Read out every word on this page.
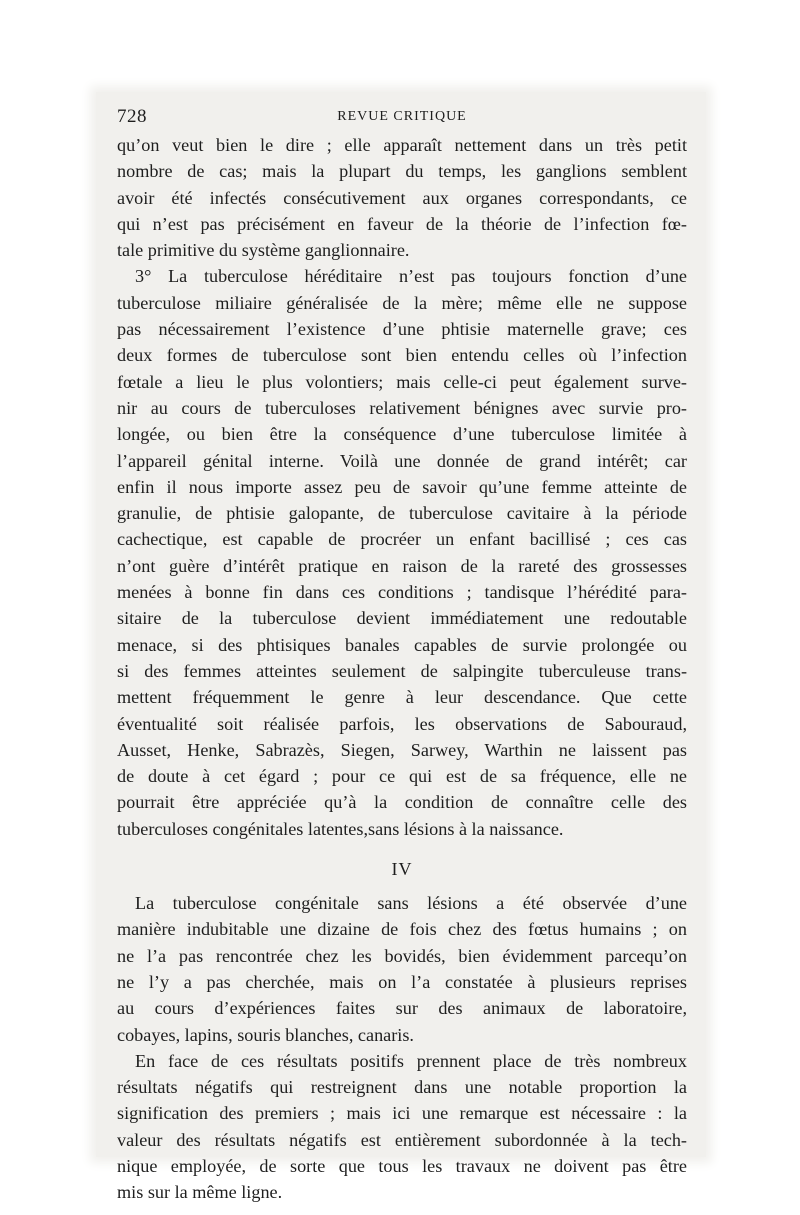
728	REVUE CRITIQUE
qu’on veut bien le dire ; elle apparaît nettement dans un très petit
nombre de cas; mais la plupart du temps, les ganglions semblent
avoir été infectés consécutivement aux organes correspondants, ce
qui n’est pas précisément en faveur de la théorie de l’infection fœ-
tale primitive du système ganglionnaire.
3° La tuberculose héréditaire n’est pas toujours fonction d’une
tuberculose miliaire généralisée de la mère; même elle ne suppose
pas nécessairement l’existence d’une phtisie maternelle grave; ces
deux formes de tuberculose sont bien entendu celles où l’infection
fœtale a lieu le plus volontiers; mais celle-ci peut également surve-
nir au cours de tuberculoses relativement bénignes avec survie pro-
longée, ou bien être la conséquence d’une tuberculose limitée à
l’appareil génital interne. Voilà une donnée de grand intérêt; car
enfin il nous importe assez peu de savoir qu’une femme atteinte de
granulie, de phtisie galopante, de tuberculose cavitaire à la période
cachectique, est capable de procréer un enfant bacillisé ; ces cas
n’ont guère d’intérêt pratique en raison de la rareté des grossesses
menées à bonne fin dans ces conditions ; tandisque l’hérédité para-
sitaire de la tuberculose devient immédiatement une redoutable
menace, si des phtisiques banales capables de survie prolongée ou
si des femmes atteintes seulement de salpingite tuberculeuse trans-
mettent fréquemment le genre à leur descendance. Que cette
éventualité soit réalisée parfois, les observations de Sabouraud,
Ausset, Henke, Sabrazès, Siegen, Sarwey, Warthin ne laissent pas
de doute à cet égard ; pour ce qui est de sa fréquence, elle ne
pourrait être appréciée qu’à la condition de connaître celle des
tuberculoses congénitales latentes,sans lésions à la naissance.
IV
La tuberculose congénitale sans lésions a été observée d’une
manière indubitable une dizaine de fois chez des fœtus humains ; on
ne l’a pas rencontrée chez les bovidés, bien évidemment parcequ’on
ne l’y a pas cherchée, mais on l’a constatée à plusieurs reprises
au cours d’expériences faites sur des animaux de laboratoire,
cobayes, lapins, souris blanches, canaris.
En face de ces résultats positifs prennent place de très nombreux
résultats négatifs qui restreignent dans une notable proportion la
signification des premiers ; mais ici une remarque est nécessaire : la
valeur des résultats négatifs est entièrement subordonnée à la tech-
nique employée, de sorte que tous les travaux ne doivent pas être
mis sur la même ligne.
